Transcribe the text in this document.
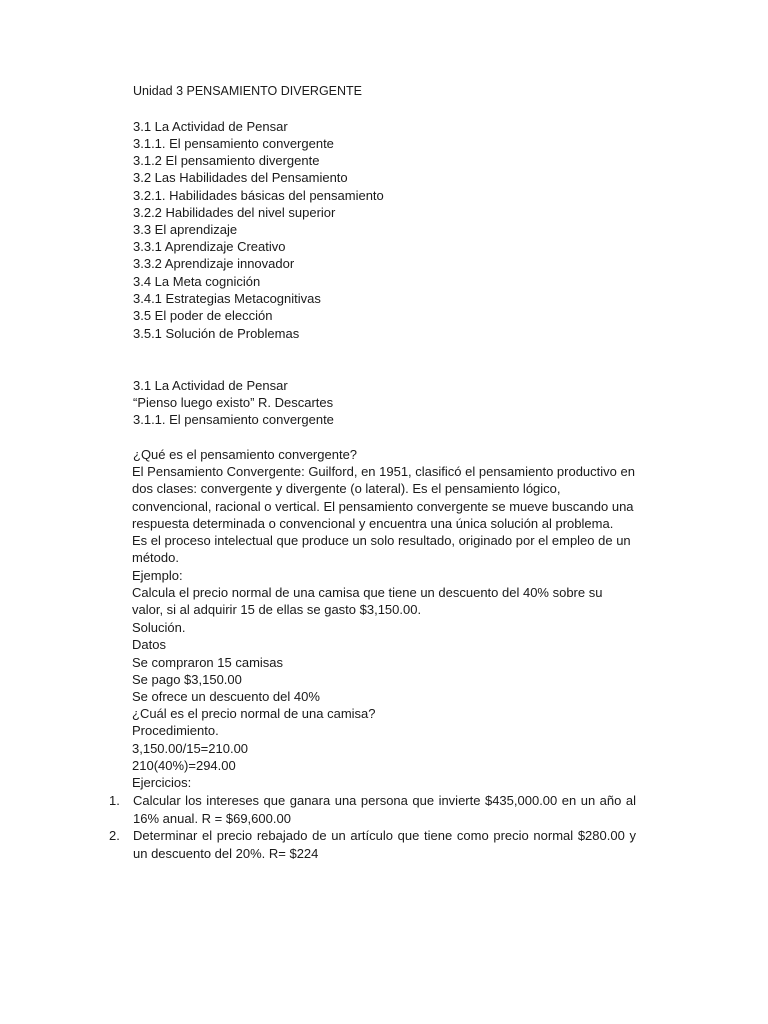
Unidad 3 PENSAMIENTO DIVERGENTE
3.1 La Actividad de Pensar
3.1.1. El pensamiento convergente
3.1.2 El pensamiento divergente
3.2 Las Habilidades del Pensamiento
3.2.1. Habilidades básicas del pensamiento
3.2.2 Habilidades del nivel superior
3.3 El aprendizaje
3.3.1 Aprendizaje Creativo
3.3.2 Aprendizaje innovador
3.4 La Meta cognición
3.4.1 Estrategias Metacognitivas
3.5 El poder de elección
3.5.1 Solución de Problemas
3.1 La Actividad de Pensar
“Pienso luego existo” R. Descartes
3.1.1. El pensamiento convergente
¿Qué es el pensamiento convergente?
El Pensamiento Convergente: Guilford, en 1951, clasificó el pensamiento productivo en dos clases: convergente y divergente (o lateral). Es el pensamiento lógico, convencional, racional o vertical. El pensamiento convergente se mueve buscando una respuesta determinada o convencional y encuentra una única solución al problema.
Es el proceso intelectual que produce un solo resultado, originado por el empleo de un método.
Ejemplo:
Calcula el precio normal de una camisa que tiene un descuento del 40% sobre su valor, si al adquirir 15 de ellas se gasto $3,150.00.
Solución.
Datos
Se compraron 15 camisas
Se pago $3,150.00
Se ofrece un descuento del 40%
¿Cuál es el precio normal de una camisa?
Procedimiento.
3,150.00/15=210.00
210(40%)=294.00
Ejercicios:
1. Calcular los intereses que ganara una persona que invierte $435,000.00 en un año al 16% anual. R = $69,600.00
2. Determinar el precio rebajado de un artículo que tiene como precio normal $280.00 y un descuento del 20%. R= $224
